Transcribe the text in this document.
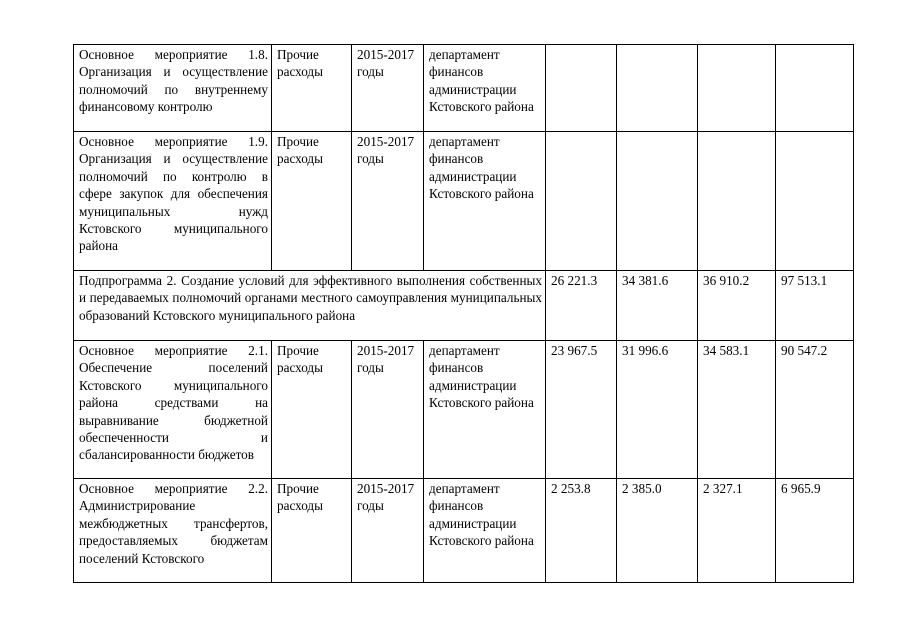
Основное мероприятие 1.8. Организация и осуществление полномочий по внутреннему финансовому контролю	Прочие расходы	2015-2017 годы	департамент финансов администрации Кстовского района				
Основное мероприятие 1.9. Организация и осуществление полномочий по контролю в сфере закупок для обеспечения муниципальных нужд Кстовского муниципального района	Прочие расходы	2015-2017 годы	департамент финансов администрации Кстовского района				
Подпрограмма 2. Создание условий для эффективного выполнения собственных и передаваемых полномочий органами местного самоуправления муниципальных образований Кстовского муниципального района				26 221.3	34 381.6	36 910.2	97 513.1
Основное мероприятие 2.1. Обеспечение поселений Кстовского муниципального района средствами на выравнивание бюджетной обеспеченности и сбалансированности бюджетов	Прочие расходы	2015-2017 годы	департамент финансов администрации Кстовского района	23 967.5	31 996.6	34 583.1	90 547.2
Основное мероприятие 2.2. Администрирование межбюджетных трансфертов, предоставляемых бюджетам поселений Кстовского	Прочие расходы	2015-2017 годы	департамент финансов администрации Кстовского района	2 253.8	2 385.0	2 327.1	6 965.9
